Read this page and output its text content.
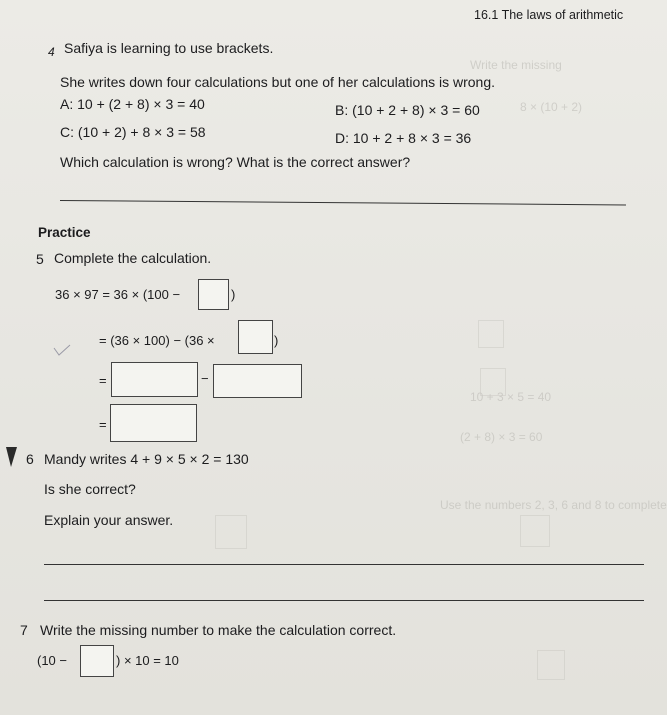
Write the missing
8 × (10 + 2)
10 + 3 × 5 = 40
(2 + 8) × 3 = 60
Use the numbers 2, 3, 6 and 8 to complete
16.1 The laws of arithmetic
4 Safiya is learning to use brackets.
She writes down four calculations but one of her calculations is wrong.
A: 10 + (2 + 8) × 3 = 40	B: (10 + 2 + 8) × 3 = 60
C: (10 + 2) + 8 × 3 = 58	D: 10 + 2 + 8 × 3 = 36
Which calculation is wrong? What is the correct answer?
Practice
5 Complete the calculation.
36 × 97 = 36 × (100 −	)
= (36 × 100) − (36 ×	)
=	−
=
6 Mandy writes 4 + 9 × 5 × 2 = 130
Is she correct?
Explain your answer.
7 Write the missing number to make the calculation correct.
(10 −	) × 10 = 10
